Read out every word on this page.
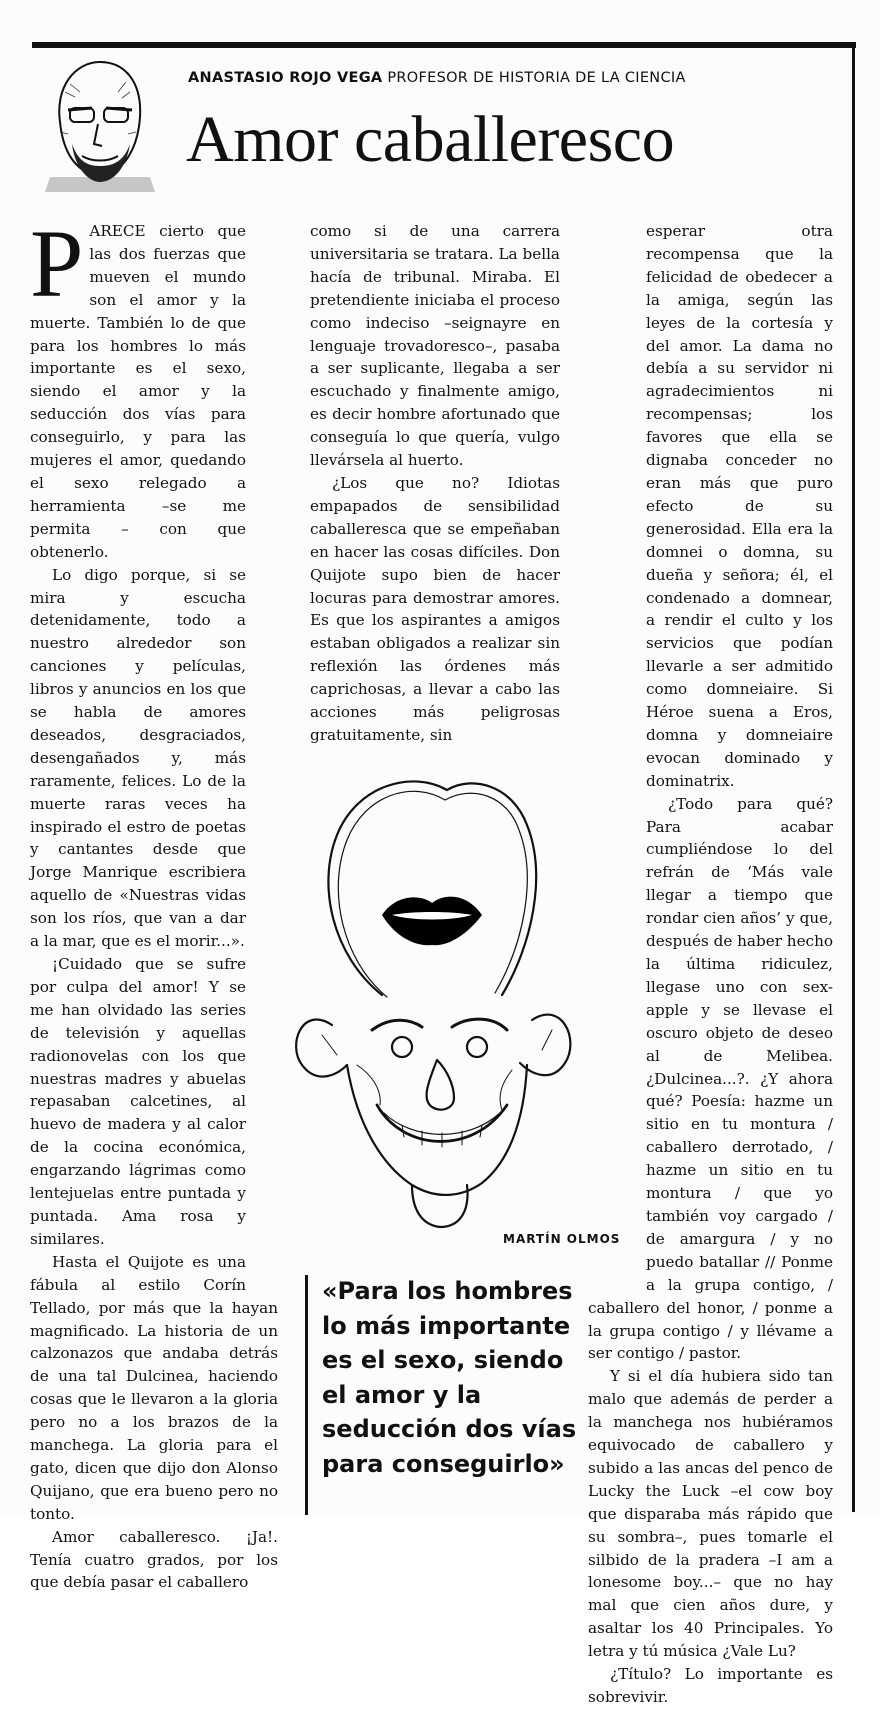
ANASTASIO ROJO VEGA PROFESOR DE HISTORIA DE LA CIENCIA
Amor caballeresco

PARECE cierto que las dos fuerzas que mueven el mundo son el amor y la muerte. También lo de que para los hombres lo más importante es el sexo, siendo el amor y la seducción dos vías para conseguirlo, y para las mujeres el amor, quedando el sexo relegado a herramienta –se me permita – con que obtenerlo.

Lo digo porque, si se mira y escucha detenidamente, todo a nuestro alrededor son canciones y películas, libros y anuncios en los que se habla de amores deseados, desgraciados, desengañados y, más raramente, felices. Lo de la muerte raras veces ha inspirado el estro de poetas y cantantes desde que Jorge Manrique escribiera aquello de «Nuestras vidas son los ríos, que van a dar a la mar, que es el morir...».

¡Cuidado que se sufre por culpa del amor! Y se me han olvidado las series de televisión y aquellas radionovelas con los que nuestras madres y abuelas repasaban calcetines, al huevo de madera y al calor de la cocina económica, engarzando lágrimas como lentejuelas entre puntada y puntada. Ama rosa y similares.

Hasta el Quijote es una fábula al estilo Corín Tellado, por más que la hayan magnificado. La historia de un calzonazos que andaba detrás de una tal Dulcinea, haciendo cosas que le llevaron a la gloria pero no a los brazos de la manchega. La gloria para el gato, dicen que dijo don Alonso Quijano, que era bueno pero no tonto.

Amor caballeresco. ¡Ja!. Tenía cuatro grados, por los que debía pasar el caballero

como si de una carrera universitaria se tratara. La bella hacía de tribunal. Miraba. El pretendiente iniciaba el proceso como indeciso –seignayre en lenguaje trovadoresco–, pasaba a ser suplicante, llegaba a ser escuchado y finalmente amigo, es decir hombre afortunado que conseguía lo que quería, vulgo llevársela al huerto.

¿Los que no? Idiotas empapados de sensibilidad caballeresca que se empeñaban en hacer las cosas difíciles. Don Quijote supo bien de hacer locuras para demostrar amores. Es que los aspirantes a amigos estaban obligados a realizar sin reflexión las órdenes más caprichosas, a llevar a cabo las acciones más peligrosas gratuitamente, sin

esperar otra recompensa que la felicidad de obedecer a la amiga, según las leyes de la cortesía y del amor. La dama no debía a su servidor ni agradecimientos ni recompensas; los favores que ella se dignaba conceder no eran más que puro efecto de su generosidad. Ella era la domnei o domna, su dueña y señora; él, el condenado a domnear, a rendir el culto y los servicios que podían llevarle a ser admitido como domneiaire. Si Héroe suena a Eros, domna y domneiaire evocan dominado y dominatrix.

¿Todo para qué? Para acabar cumpliéndose lo del refrán de ‘Más vale llegar a tiempo que rondar cien años’ y que, después de haber hecho la última ridiculez, llegase uno con sex-apple y se llevase el oscuro objeto de deseo al de Melibea. ¿Dulcinea...?. ¿Y ahora qué? Poesía: hazme un sitio en tu montura / caballero derrotado, / hazme un sitio en tu montura / que yo también voy cargado / de amargura / y no puedo batallar // Ponme a la grupa contigo, / caballero del honor, / ponme a la grupa contigo / y llévame a ser contigo / pastor.

Y si el día hubiera sido tan malo que además de perder a la manchega nos hubiéramos equivocado de caballero y subido a las ancas del penco de Lucky the Luck –el cow boy que disparaba más rápido que su sombra–, pues tomarle el silbido de la pradera –I am a lonesome boy...– que no hay mal que cien años dure, y asaltar los 40 Principales. Yo letra y tú música ¿Vale Lu?

¿Título? Lo importante es sobrevivir.

MARTÍN OLMOS
«Para los hombres lo más importante es el sexo, siendo el amor y la seducción dos vías para conseguirlo»
